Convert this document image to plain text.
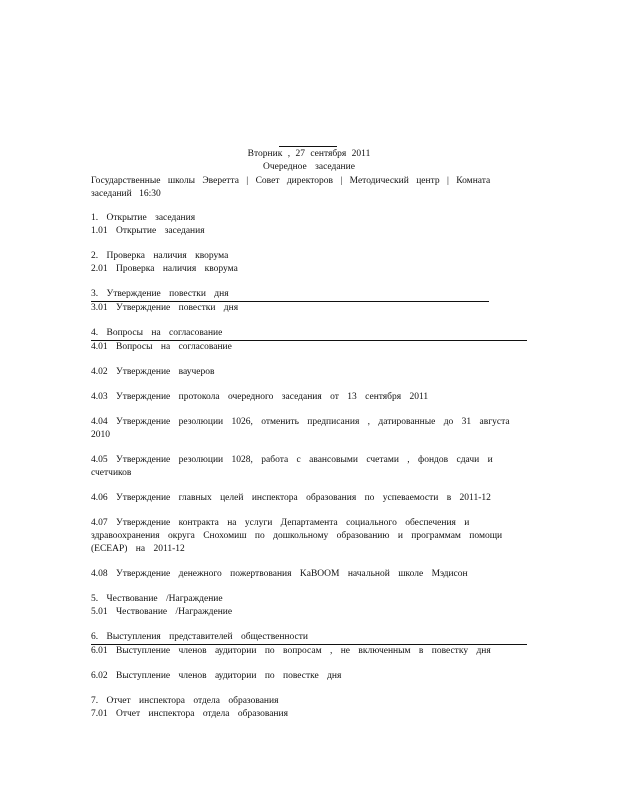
Вторник , 27 сентября 2011
Очередное заседание
Государственные школы Эверетта | Совет директоров | Методический центр | Комната заседаний 16:30
1. Открытие заседания
1.01 Открытие заседания
2. Проверка наличия кворума
2.01 Проверка наличия кворума
3. Утверждение повестки дня
3.01 Утверждение повестки дня
4. Вопросы на согласование
4.01 Вопросы на согласование
4.02 Утверждение ваучеров
4.03 Утверждение протокола очередного заседания от 13 сентября 2011
4.04 Утверждение резолюции 1026, отменить предписания , датированные до 31 августа 2010
4.05 Утверждение резолюции 1028, работа с авансовыми счетами , фондов сдачи и счетчиков
4.06 Утверждение главных целей инспектора образования по успеваемости в 2011-12
4.07 Утверждение контракта на услуги Департамента социального обеспечения и здравоохранения округа Снохомиш по дошкольному образованию и программам помощи (ECEAP) на 2011-12
4.08 Утверждение денежного пожертвования KaBOOM начальной школе Мэдисон
5. Чествование /Награждение
5.01 Чествование /Награждение
6. Выступления представителей общественности
6.01 Выступление членов аудитории по вопросам , не включенным в повестку дня
6.02 Выступление членов аудитории по повестке дня
7. Отчет инспектора отдела образования
7.01 Отчет инспектора отдела образования
